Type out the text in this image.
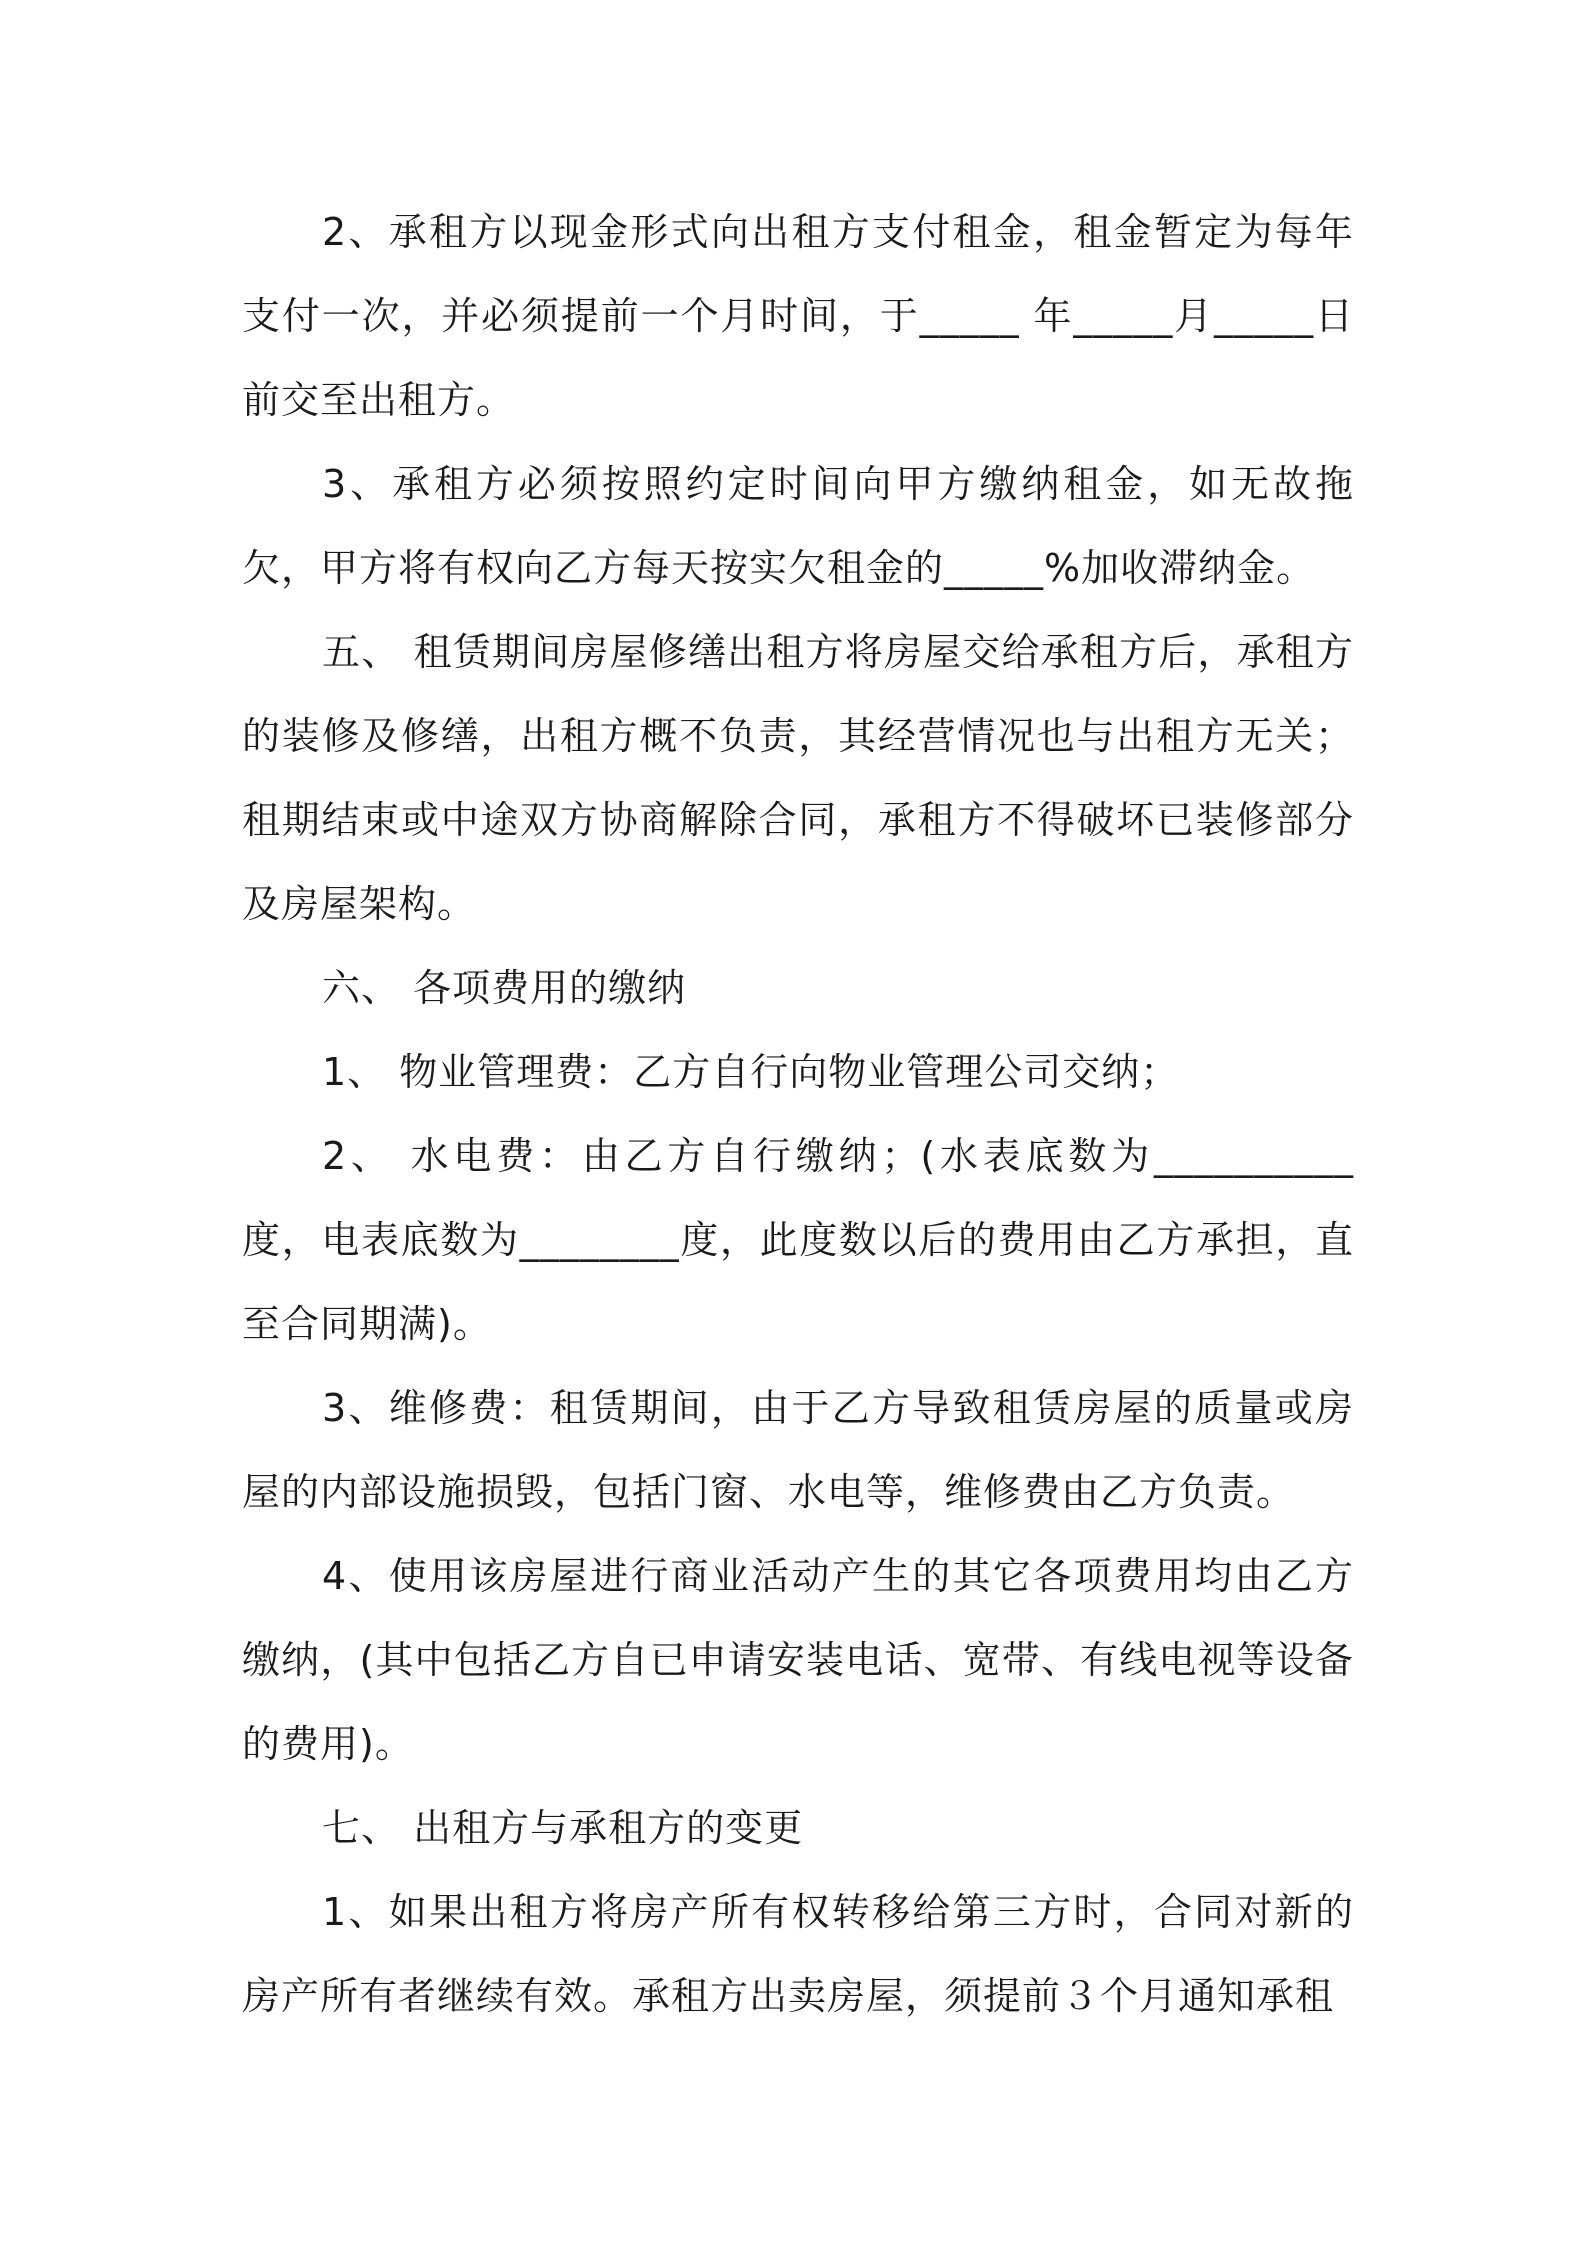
2、承租方以现金形式向出租方支付租金，租金暂定为每年支付一次，并必须提前一个月时间，于_____ 年_____月_____日前交至出租方。

3、承租方必须按照约定时间向甲方缴纳租金，如无故拖欠，甲方将有权向乙方每天按实欠租金的_____%加收滞纳金。

五、 租赁期间房屋修缮出租方将房屋交给承租方后，承租方的装修及修缮，出租方概不负责，其经营情况也与出租方无关；租期结束或中途双方协商解除合同，承租方不得破坏已装修部分及房屋架构。

六、 各项费用的缴纳

1、 物业管理费：乙方自行向物业管理公司交纳；

2、 水电费：由乙方自行缴纳；(水表底数为__________度，电表底数为________度，此度数以后的费用由乙方承担，直至合同期满)。

3、维修费：租赁期间，由于乙方导致租赁房屋的质量或房屋的内部设施损毁，包括门窗、水电等，维修费由乙方负责。

4、使用该房屋进行商业活动产生的其它各项费用均由乙方缴纳，(其中包括乙方自已申请安装电话、宽带、有线电视等设备的费用)。

七、 出租方与承租方的变更

1、如果出租方将房产所有权转移给第三方时，合同对新的房产所有者继续有效。承租方出卖房屋，须提前３个月通知承租
